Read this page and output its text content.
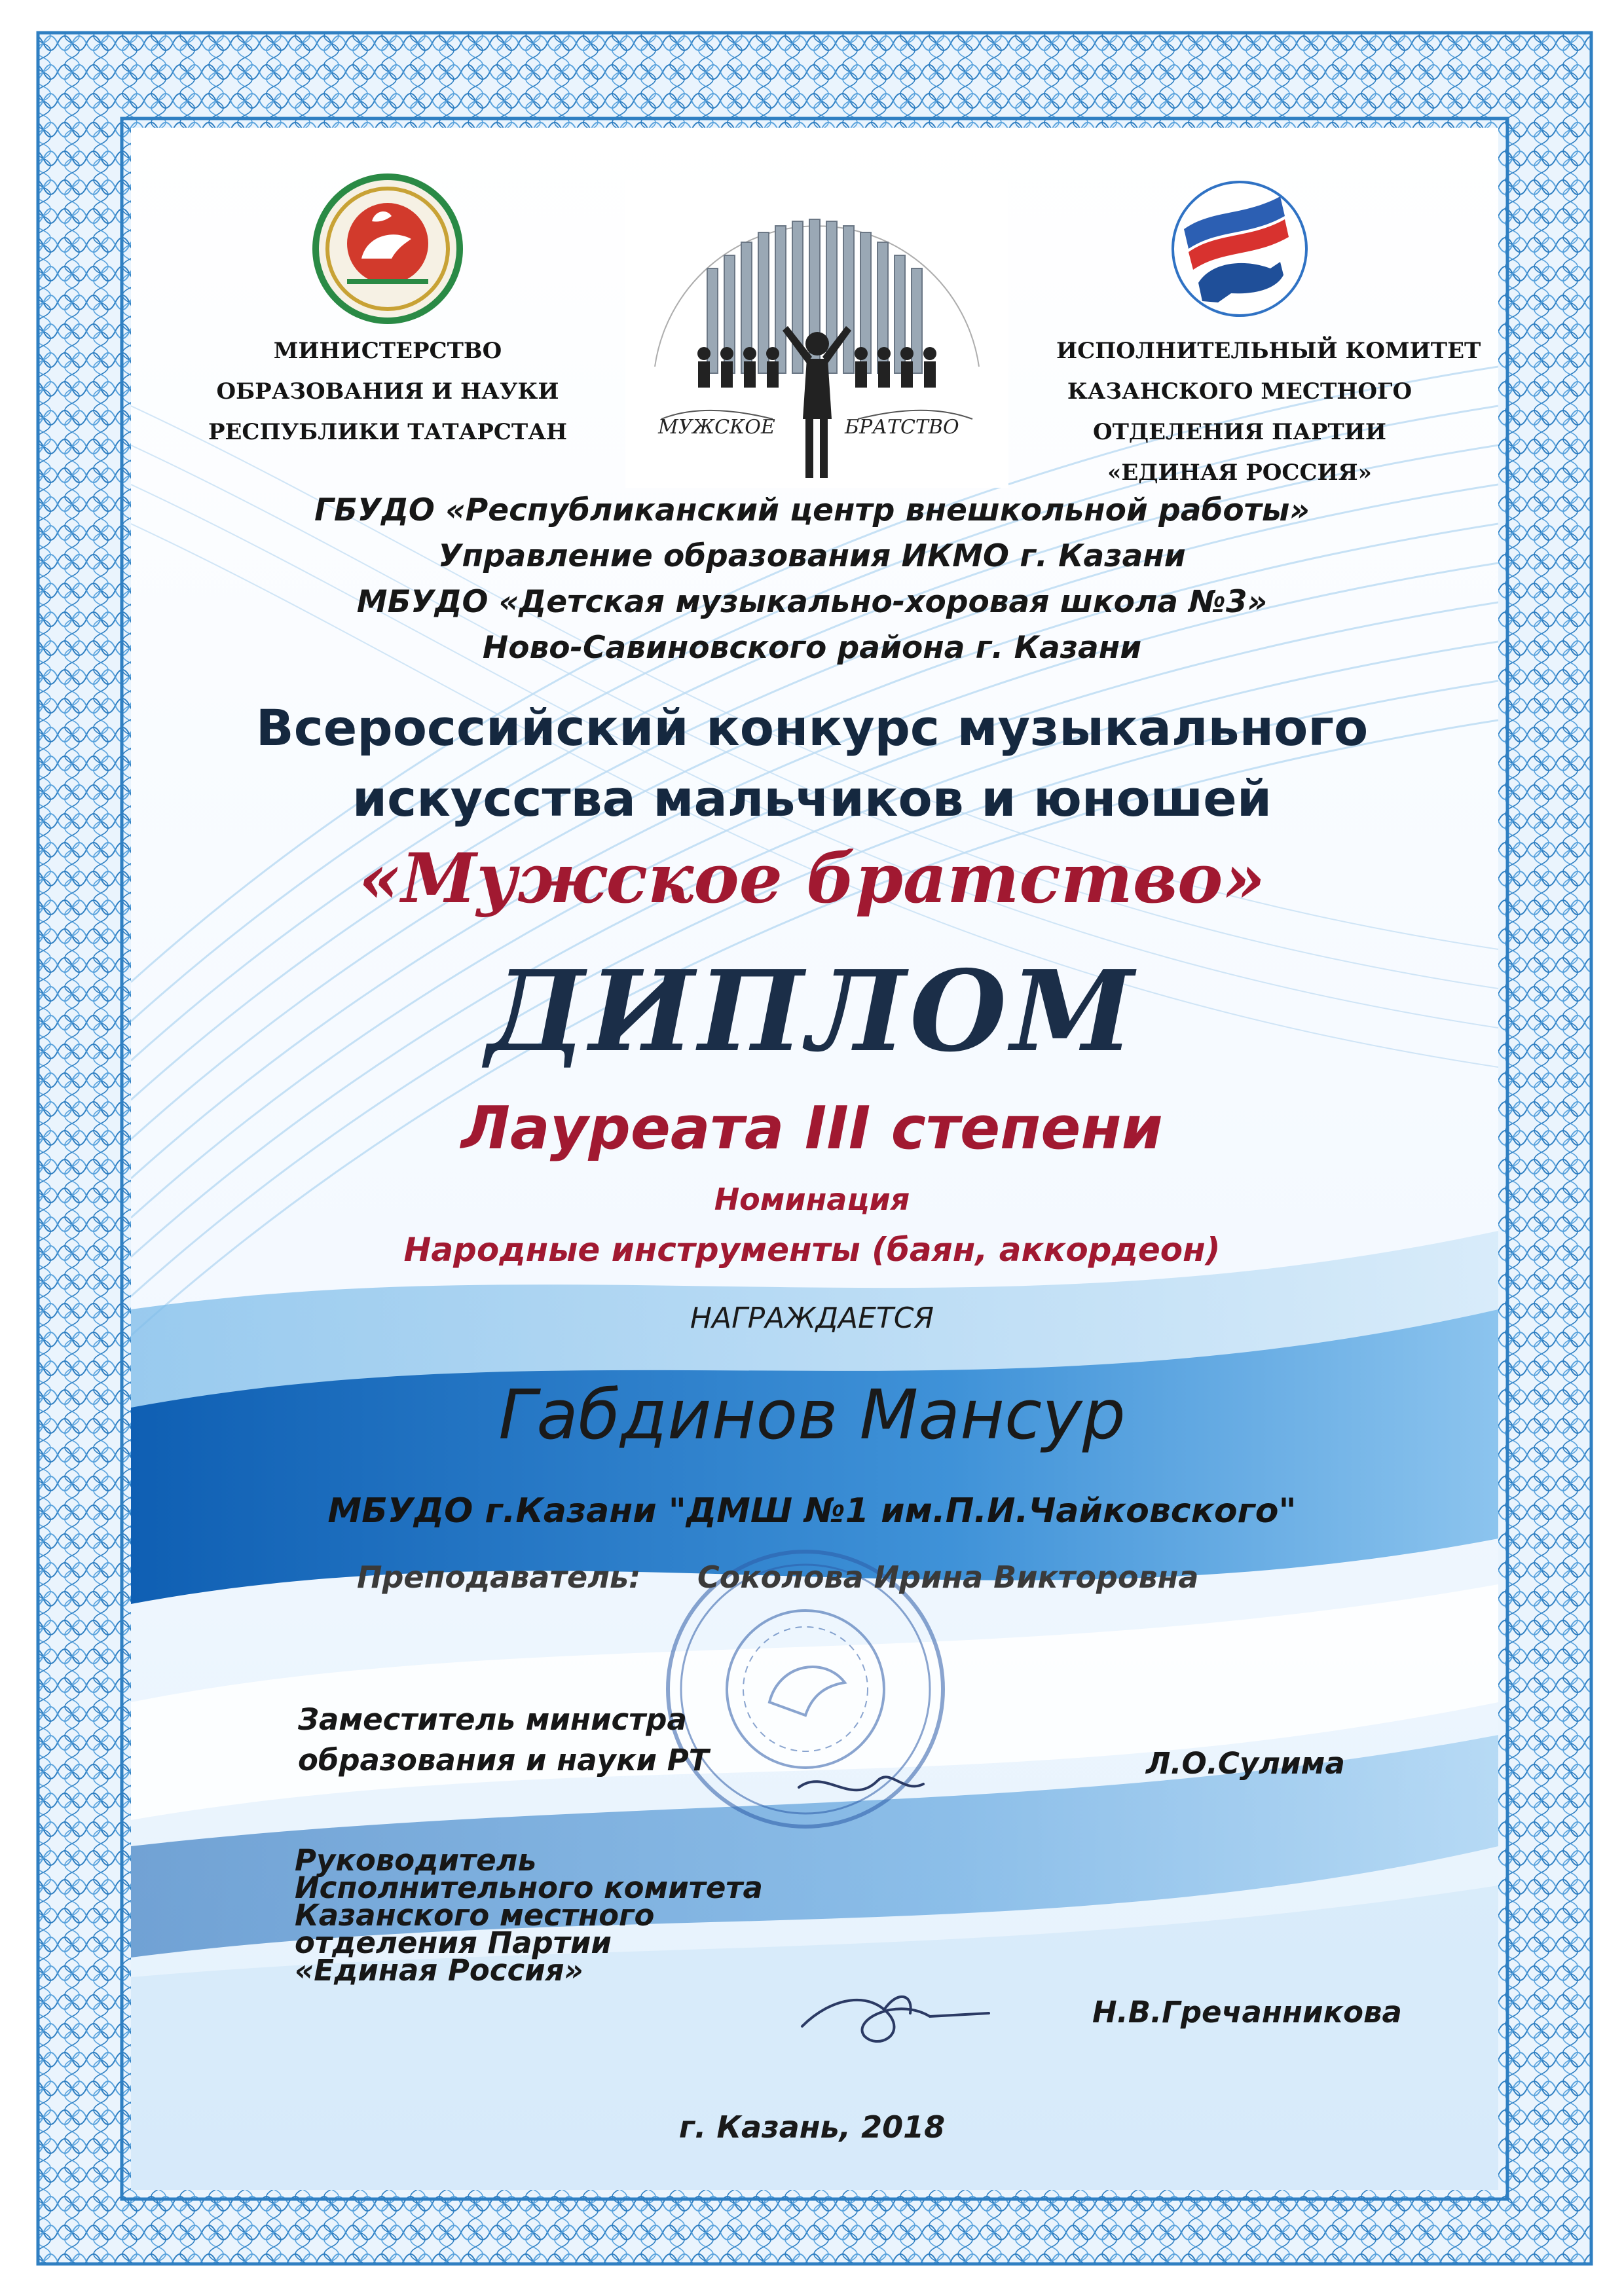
МИНИСТЕРСТВО
ОБРАЗОВАНИЯ И НАУКИ
РЕСПУБЛИКИ ТАТАРСТАН
ИСПОЛНИТЕЛЬНЫЙ КОМИТЕТ
КАЗАНСКОГО МЕСТНОГО
ОТДЕЛЕНИЯ ПАРТИИ
«ЕДИНАЯ РОССИЯ»

МУЖСКОЕ	БРАТСТВО

ГБУДО «Республиканский центр внешкольной работы»

Управление образования ИКМО г. Казани

МБУДО «Детская музыкально-хоровая школа №3»

Ново-Савиновского района г. Казани

Всероссийский конкурс музыкального

искусства мальчиков и юношей

«Мужское братство»

ДИПЛОМ

Лауреата III степени

Номинация

Народные инструменты (баян, аккордеон)

НАГРАЖДАЕТСЯ

Габдинов Мансур

МБУДО г.Казани "ДМШ №1 им.П.И.Чайковского"

Преподаватель: Соколова Ирина Викторовна

Заместитель министра

образования и науки РТ	Л.О.Сулима

Руководитель

Исполнительного комитета

Казанского местного

отделения Партии

«Единая Россия»

Н.В.Гречанникова

г. Казань, 2018
